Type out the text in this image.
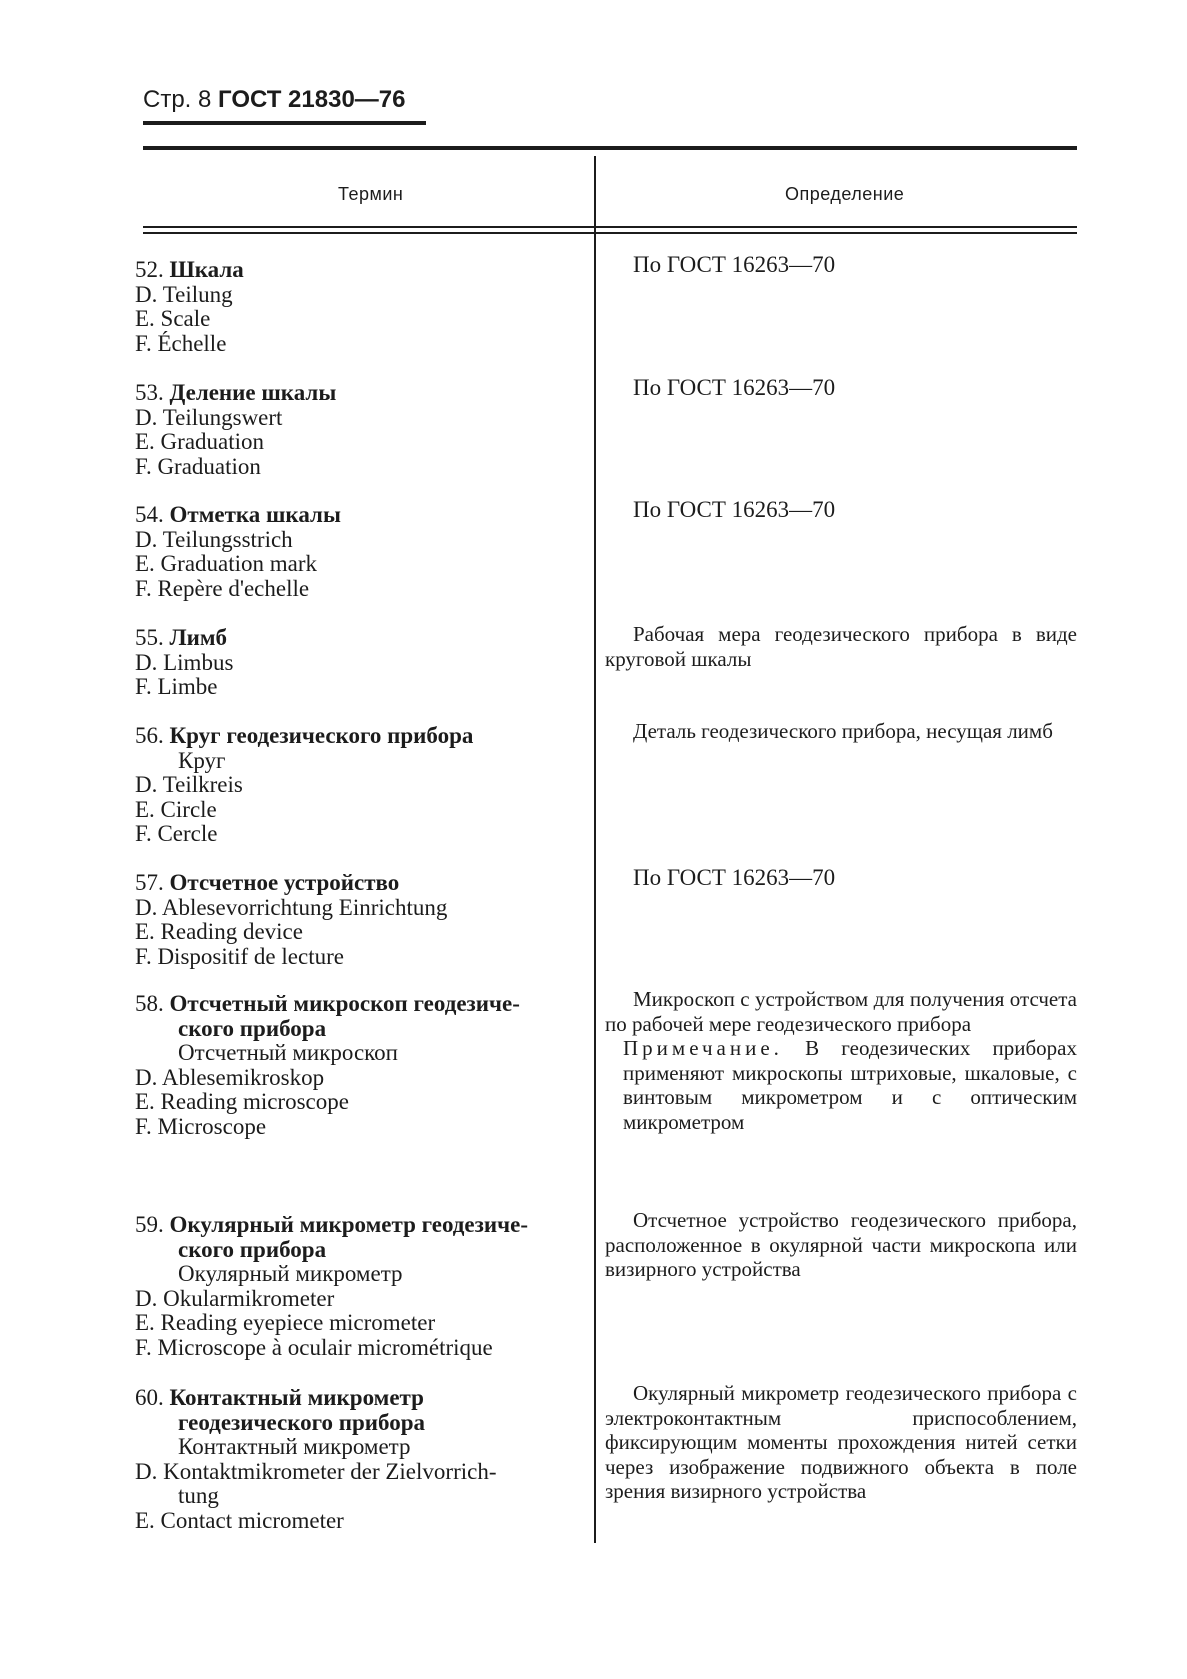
Стр. 8 ГОСТ 21830—76
Термин	Определение
52. Шкала
D. Teilung
E. Scale
F. Échelle
По ГОСТ 16263—70
53. Деление шкалы
D. Teilungswert
E. Graduation
F. Graduation
По ГОСТ 16263—70
54. Отметка шкалы
D. Teilungsstrich
E. Graduation mark
F. Repère d'echelle
По ГОСТ 16263—70
55. Лимб
D. Limbus
F. Limbe
Рабочая мера геодезического прибора в виде круговой шкалы
56. Круг геодезического прибора
Круг
D. Teilkreis
E. Circle
F. Cercle
Деталь геодезического прибора, несущая лимб
57. Отсчетное устройство
D. Ablesevorrichtung Einrichtung
E. Reading device
F. Dispositif de lecture
По ГОСТ 16263—70
58. Отсчетный микроскоп геодезиче-
ского прибора
Отсчетный микроскоп
D. Ablesemikroskop
E. Reading microscope
F. Microscope
Микроскоп с устройством для получения отсчета по рабочей мере геодезического прибора
Примечание. В геодезических приборах применяют микроскопы штриховые, шкаловые, с винтовым микрометром и с оптическим микрометром
59. Окулярный микрометр геодезиче-
ского прибора
Окулярный микрометр
D. Okularmikrometer
E. Reading eyepiece micrometer
F. Microscope à oculair micrométrique
Отсчетное устройство геодезического прибора, расположенное в окулярной части микроскопа или визирного устройства
60. Контактный микрометр
геодезического прибора
Контактный микрометр
D. Kontaktmikrometer der Zielvorrich-
tung
E. Contact micrometer
Окулярный микрометр геодезического прибора с электроконтактным приспособлением, фиксирующим моменты прохождения нитей сетки через изображение подвижного объекта в поле зрения визирного устройства
